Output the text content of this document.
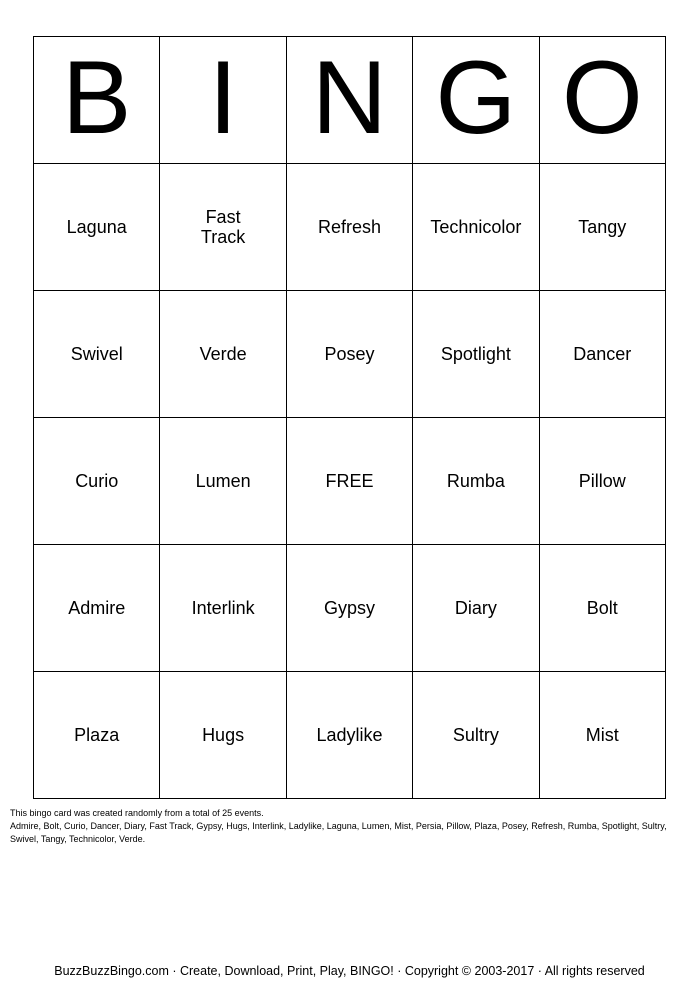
B	I	N	G	O

Laguna	Fast Track	Refresh	Technicolor	Tangy
Swivel	Verde	Posey	Spotlight	Dancer
Curio	Lumen	FREE	Rumba	Pillow
Admire	Interlink	Gypsy	Diary	Bolt
Plaza	Hugs	Ladylike	Sultry	Mist

This bingo card was created randomly from a total of 25 events.

Admire, Bolt, Curio, Dancer, Diary, Fast Track, Gypsy, Hugs, Interlink, Ladylike, Laguna, Lumen, Mist, Persia, Pillow, Plaza, Posey, Refresh, Rumba, Spotlight, Sultry, Swivel, Tangy, Technicolor, Verde.

BuzzBuzzBingo.com · Create, Download, Print, Play, BINGO! · Copyright © 2003-2017 · All rights reserved
